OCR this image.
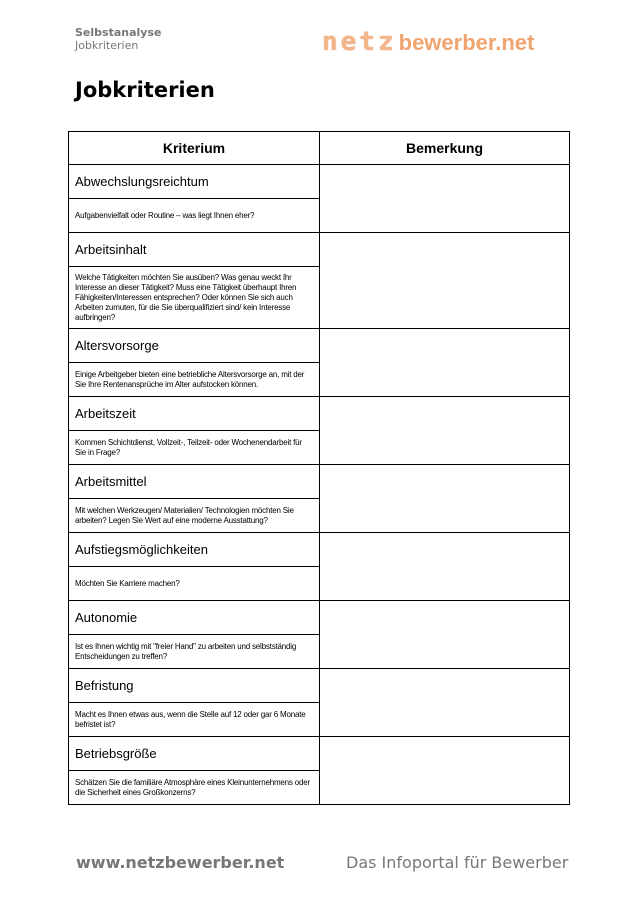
Selbstanalyse
Jobkriterien	netzbewerber.net
Jobkriterien
Kriterium	Bemerkung
Abwechslungsreichtum	
Aufgabenvielfalt oder Routine – was liegt Ihnen eher?	
Arbeitsinhalt	
Welche Tätigkeiten möchten Sie ausüben? Was genau weckt Ihr Interesse an dieser Tätigkeit? Muss eine Tätigkeit überhaupt Ihren Fähigkeiten/Interessen entsprechen? Oder können Sie sich auch Arbeiten zumuten, für die Sie überqualifiziert sind/ kein Interesse aufbringen?	
Altersvorsorge	
Einige Arbeitgeber bieten eine betriebliche Altersvorsorge an, mit der Sie Ihre Rentenansprüche im Alter aufstocken können.	
Arbeitszeit	
Kommen Schichtdienst, Vollzeit-, Teilzeit- oder Wochenendarbeit für Sie in Frage?	
Arbeitsmittel	
Mit welchen Werkzeugen/ Materialien/ Technologien möchten Sie arbeiten? Legen Sie Wert auf eine moderne Ausstattung?	
Aufstiegsmöglichkeiten	
Möchten Sie Karriere machen?	
Autonomie	
Ist es Ihnen wichtig mit "freier Hand" zu arbeiten und selbstständig Entscheidungen zu treffen?	
Befristung	
Macht es Ihnen etwas aus, wenn die Stelle auf 12 oder gar 6 Monate befristet ist?	
Betriebsgröße	
Schätzen Sie die familiäre Atmosphäre eines Kleinunternehmens oder die Sicherheit eines Großkonzerns?	
www.netzbewerber.net	Das Infoportal für Bewerber
